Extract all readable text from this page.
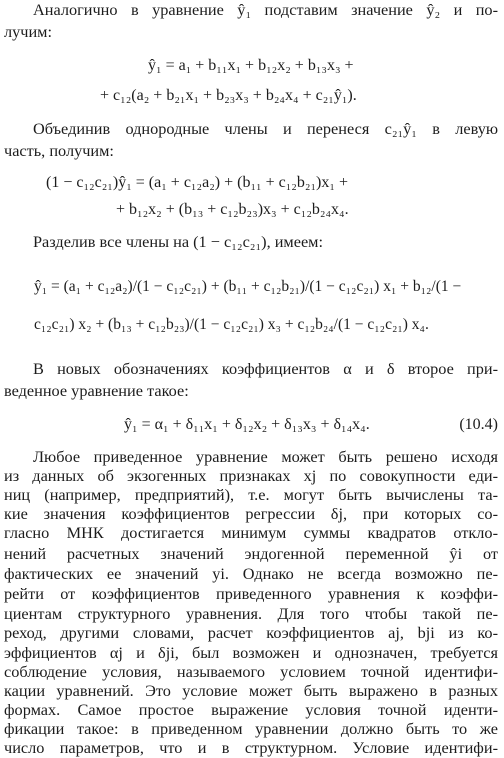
Аналогично в уравнение ŷ₁ подставим значение ŷ₂ и по-
лучим:
ŷ₁ = a₁ + b₁₁x₁ + b₁₂x₂ + b₁₃x₃ +
+ c₁₂(a₂ + b₂₁x₁ + b₂₃x₃ + b₂₄x₄ + c₂₁ŷ₁).
Объединив однородные члены и перенеся c₂₁ŷ₁ в левую
часть, получим:
(1 − c₁₂c₂₁)ŷ₁ = (a₁ + c₁₂a₂) + (b₁₁ + c₁₂b₂₁)x₁ +
+ b₁₂x₂ + (b₁₃ + c₁₂b₂₃)x₃ + c₁₂b₂₄x₄.
Разделив все члены на (1 − c₁₂c₂₁), имеем:
ŷ₁ = (a₁ + c₁₂a₂)/(1 − c₁₂c₂₁) + (b₁₁ + c₁₂b₂₁)/(1 − c₁₂c₂₁) x₁ + b₁₂/(1 − c₁₂c₂₁) x₂ + (b₁₃ + c₁₂b₂₃)/(1 − c₁₂c₂₁) x₃ + c₁₂b₂₄/(1 − c₁₂c₂₁) x₄.
В новых обозначениях коэффициентов α и δ второе при-
веденное уравнение такое:
ŷ₁ = α₁ + δ₁₁x₁ + δ₁₂x₂ + δ₁₃x₃ + δ₁₄x₄.	(10.4)
Любое приведенное уравнение может быть решено исходя
из данных об экзогенных признаках xj по совокупности еди-
ниц (например, предприятий), т.е. могут быть вычислены та-
кие значения коэффициентов регрессии δj, при которых со-
гласно МНК достигается минимум суммы квадратов откло-
нений расчетных значений эндогенной переменной ŷi от
фактических ее значений yi. Однако не всегда возможно пе-
рейти от коэффициентов приведенного уравнения к коэффи-
циентам структурного уравнения. Для того чтобы такой пе-
реход, другими словами, расчет коэффициентов aj, bji из ко-
эффициентов αj и δji, был возможен и однозначен, требуется
соблюдение условия, называемого условием точной идентифи-
кации уравнений. Это условие может быть выражено в разных
формах. Самое простое выражение условия точной иденти-
фикации такое: в приведенном уравнении должно быть то же
число параметров, что и в структурном. Условие идентифи-
